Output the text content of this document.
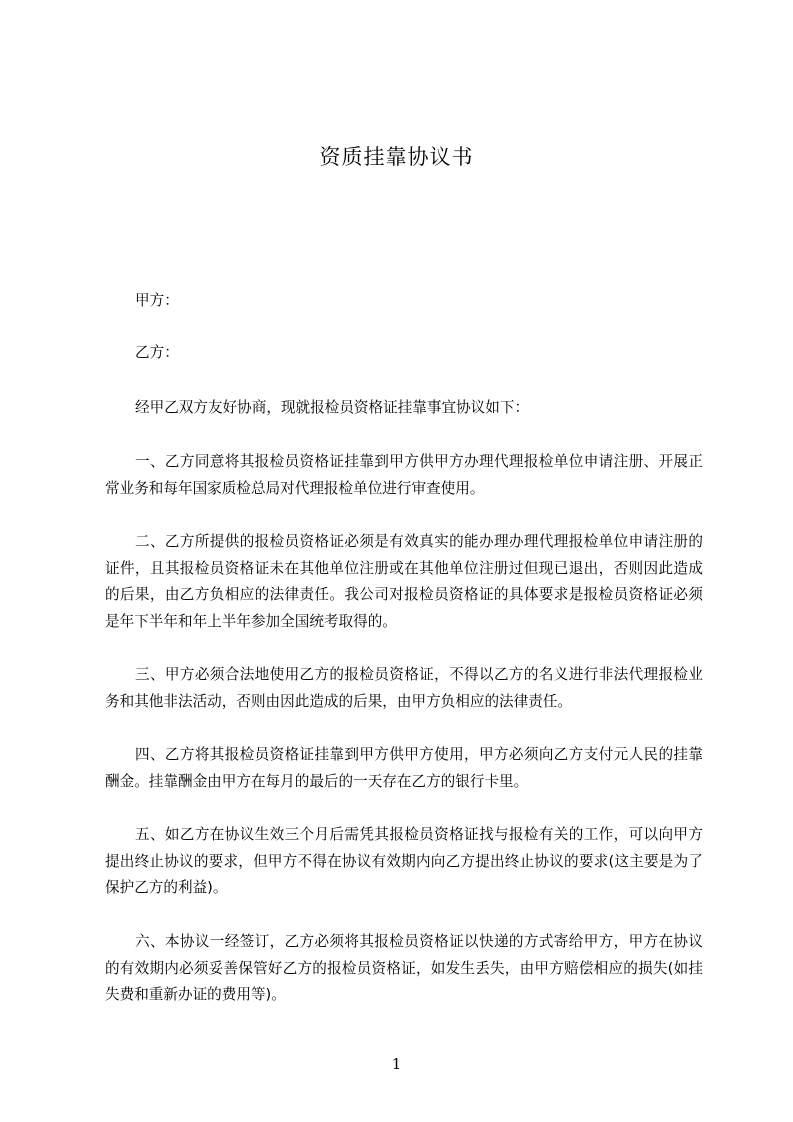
资质挂靠协议书

甲方：

乙方：

经甲乙双方友好协商，现就报检员资格证挂靠事宜协议如下：

一、乙方同意将其报检员资格证挂靠到甲方供甲方办理代理报检单位申请注册、开展正常业务和每年国家质检总局对代理报检单位进行审查使用。

二、乙方所提供的报检员资格证必须是有效真实的能办理办理代理报检单位申请注册的证件，且其报检员资格证未在其他单位注册或在其他单位注册过但现已退出，否则因此造成的后果，由乙方负相应的法律责任。我公司对报检员资格证的具体要求是报检员资格证必须是年下半年和年上半年参加全国统考取得的。

三、甲方必须合法地使用乙方的报检员资格证，不得以乙方的名义进行非法代理报检业务和其他非法活动，否则由因此造成的后果，由甲方负相应的法律责任。

四、乙方将其报检员资格证挂靠到甲方供甲方使用，甲方必须向乙方支付元人民的挂靠酬金。挂靠酬金由甲方在每月的最后的一天存在乙方的银行卡里。

五、如乙方在协议生效三个月后需凭其报检员资格证找与报检有关的工作，可以向甲方提出终止协议的要求，但甲方不得在协议有效期内向乙方提出终止协议的要求(这主要是为了保护乙方的利益)。

六、本协议一经签订，乙方必须将其报检员资格证以快递的方式寄给甲方，甲方在协议的有效期内必须妥善保管好乙方的报检员资格证，如发生丢失，由甲方赔偿相应的损失(如挂失费和重新办证的费用等)。

1
